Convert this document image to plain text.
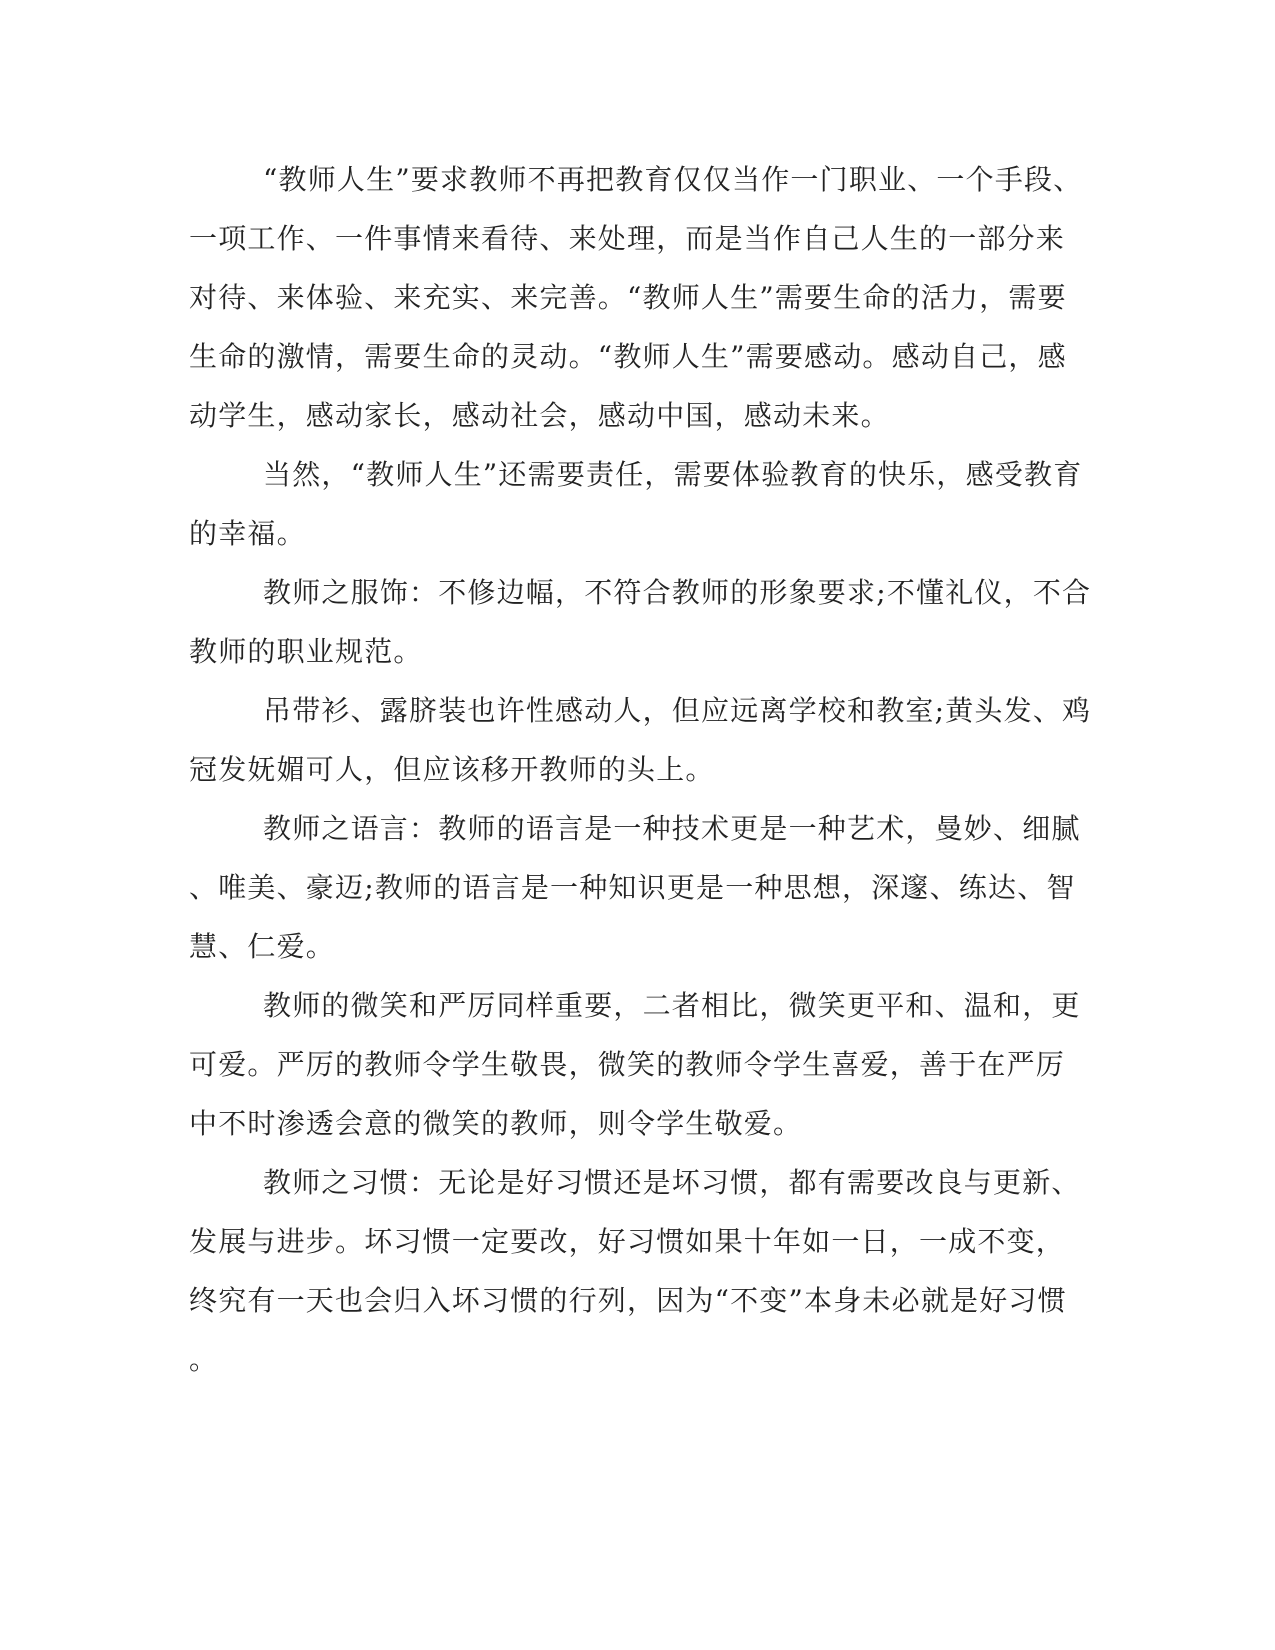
“教师人生”要求教师不再把教育仅仅当作一门职业、一个手段、
一项工作、一件事情来看待、来处理，而是当作自己人生的一部分来
对待、来体验、来充实、来完善。“教师人生”需要生命的活力，需要
生命的激情，需要生命的灵动。“教师人生”需要感动。感动自己，感
动学生，感动家长，感动社会，感动中国，感动未来。
当然，“教师人生”还需要责任，需要体验教育的快乐，感受教育
的幸福。
教师之服饰：不修边幅，不符合教师的形象要求;不懂礼仪，不合
教师的职业规范。
吊带衫、露脐装也许性感动人，但应远离学校和教室;黄头发、鸡
冠发妩媚可人，但应该移开教师的头上。
教师之语言：教师的语言是一种技术更是一种艺术，曼妙、细腻
、唯美、豪迈;教师的语言是一种知识更是一种思想，深邃、练达、智
慧、仁爱。
教师的微笑和严厉同样重要，二者相比，微笑更平和、温和，更
可爱。严厉的教师令学生敬畏，微笑的教师令学生喜爱，善于在严厉
中不时渗透会意的微笑的教师，则令学生敬爱。
教师之习惯：无论是好习惯还是坏习惯，都有需要改良与更新、
发展与进步。坏习惯一定要改，好习惯如果十年如一日，一成不变，
终究有一天也会归入坏习惯的行列，因为“不变”本身未必就是好习惯
。
